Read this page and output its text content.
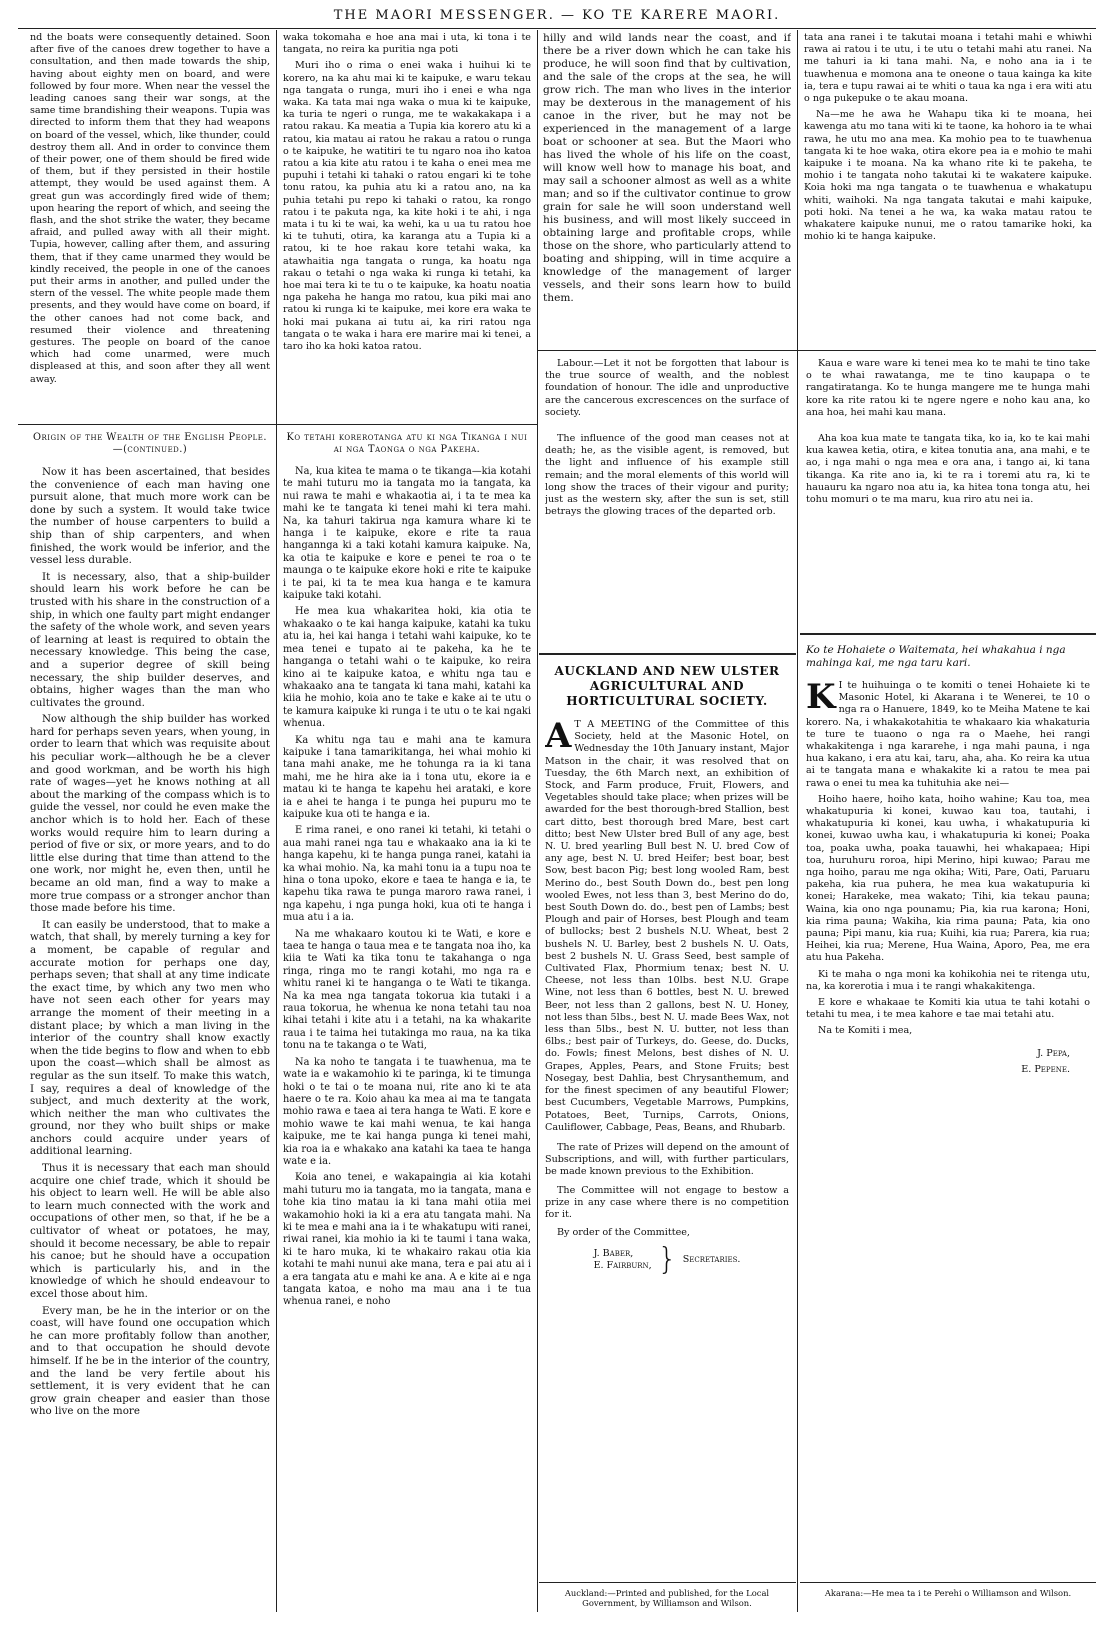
THE MAORI MESSENGER. — KO TE KARERE MAORI.

nd the boats were consequently detained. Soon after five of the canoes drew together to have a consultation, and then made towards the ship, having about eighty men on board, and were followed by four more. When near the vessel the leading canoes sang their war songs, at the same time brandishing their weapons. Tupia was directed to inform them that they had weapons on board of the vessel, which, like thunder, could destroy them all. And in order to convince them of their power, one of them should be fired wide of them, but if they persisted in their hostile attempt, they would be used against them. A great gun was accordingly fired wide of them; upon hearing the report of which, and seeing the flash, and the shot strike the water, they became afraid, and pulled away with all their might. Tupia, however, calling after them, and assuring them, that if they came unarmed they would be kindly received, the people in one of the canoes put their arms in another, and pulled under the stern of the vessel. The white people made them presents, and they would have come on board, if the other canoes had not come back, and resumed their violence and threatening gestures. The people on board of the canoe which had come unarmed, were much displeased at this, and soon after they all went away.

waka tokomaha e hoe ana mai i uta, ki tona i te tangata, no reira ka puritia nga poti

Muri iho o rima o enei waka i huihui ki te korero, na ka ahu mai ki te kaipuke, e waru tekau nga tangata o runga, muri iho i enei e wha nga waka. Ka tata mai nga waka o mua ki te kaipuke, ka turia te ngeri o runga, me te wakakakapa i a ratou rakau. Ka meatia a Tupia kia korero atu ki a ratou, kia matau ai ratou he rakau a ratou o runga o te kaipuke, he watitiri te tu ngaro noa iho katoa ratou a kia kite atu ratou i te kaha o enei mea me pupuhi i tetahi ki tahaki o ratou engari ki te tohe tonu ratou, ka puhia atu ki a ratou ano, na ka puhia tetahi pu repo ki tahaki o ratou, ka rongo ratou i te pakuta nga, ka kite hoki i te ahi, i nga mata i tu ki te wai, ka wehi, ka u ua tu ratou hoe ki te tuhuti, otira, ka karanga atu a Tupia ki a ratou, ki te hoe rakau kore tetahi waka, ka atawhaitia nga tangata o runga, ka hoatu nga rakau o tetahi o nga waka ki runga ki tetahi, ka hoe mai tera ki te tu o te kaipuke, ka hoatu noatia nga pakeha he hanga mo ratou, kua piki mai ano ratou ki runga ki te kaipuke, mei kore era waka te hoki mai pukana ai tutu ai, ka riri ratou nga tangata o te waka i hara ere marire mai ki tenei, a taro iho ka hoki katoa ratou.

hilly and wild lands near the coast, and if there be a river down which he can take his produce, he will soon find that by cultivation, and the sale of the crops at the sea, he will grow rich. The man who lives in the interior may be dexterous in the management of his canoe in the river, but he may not be experienced in the management of a large boat or schooner at sea. But the Maori who has lived the whole of his life on the coast, will know well how to manage his boat, and may sail a schooner almost as well as a white man; and so if the cultivator continue to grow grain for sale he will soon understand well his business, and will most likely succeed in obtaining large and profitable crops, while those on the shore, who particularly attend to boating and shipping, will in time acquire a knowledge of the management of larger vessels, and their sons learn how to build them.

tata ana ranei i te takutai moana i tetahi mahi e whiwhi rawa ai ratou i te utu, i te utu o tetahi mahi atu ranei. Na me tahuri ia ki tana mahi. Na, e noho ana ia i te tuawhenua e momona ana te oneone o taua kainga ka kite ia, tera e tupu rawai ai te whiti o taua ka nga i era witi atu o nga pukepuke o te akau moana.

Na—me he awa he Wahapu tika ki te moana, hei kawenga atu mo tana witi ki te taone, ka hohoro ia te whai rawa, he utu mo ana mea. Ka mohio pea to te tuawhenua tangata ki te hoe waka, otira ekore pea ia e mohio te mahi kaipuke i te moana. Na ka whano rite ki te pakeha, te mohio i te tangata noho takutai ki te wakatere kaipuke. Koia hoki ma nga tangata o te tuawhenua e whakatupu whiti, waihoki. Na nga tangata takutai e mahi kaipuke, poti hoki. Na tenei a he wa, ka waka matau ratou te whakatere kaipuke nunui, me o ratou tamarike hoki, ka mohio ki te hanga kaipuke.

Origin of the Wealth of the English People.—(continued.)

Now it has been ascertained, that besides the convenience of each man having one pursuit alone, that much more work can be done by such a system. It would take twice the number of house carpenters to build a ship than of ship carpenters, and when finished, the work would be inferior, and the vessel less durable.

It is necessary, also, that a ship-builder should learn his work before he can be trusted with his share in the construction of a ship, in which one faulty part might endanger the safety of the whole work, and seven years of learning at least is required to obtain the necessary knowledge. This being the case, and a superior degree of skill being necessary, the ship builder deserves, and obtains, higher wages than the man who cultivates the ground.

Now although the ship builder has worked hard for perhaps seven years, when young, in order to learn that which was requisite about his peculiar work—although he be a clever and good workman, and be worth his high rate of wages—yet he knows nothing at all about the marking of the compass which is to guide the vessel, nor could he even make the anchor which is to hold her. Each of these works would require him to learn during a period of five or six, or more years, and to do little else during that time than attend to the one work, nor might he, even then, until he became an old man, find a way to make a more true compass or a stronger anchor than those made before his time.

It can easily be understood, that to make a watch, that shall, by merely turning a key for a moment, be capable of regular and accurate motion for perhaps one day, perhaps seven; that shall at any time indicate the exact time, by which any two men who have not seen each other for years may arrange the moment of their meeting in a distant place; by which a man living in the interior of the country shall know exactly when the tide begins to flow and when to ebb upon the coast—which shall be almost as regular as the sun itself. To make this watch, I say, requires a deal of knowledge of the subject, and much dexterity at the work, which neither the man who cultivates the ground, nor they who built ships or make anchors could acquire under years of additional learning.

Thus it is necessary that each man should acquire one chief trade, which it should be his object to learn well. He will be able also to learn much connected with the work and occupations of other men, so that, if he be a cultivator of wheat or potatoes, he may, should it become necessary, be able to repair his canoe; but he should have a occupation which is particularly his, and in the knowledge of which he should endeavour to excel those about him.

Every man, be he in the interior or on the coast, will have found one occupation which he can more profitably follow than another, and to that occupation he should devote himself. If he be in the interior of the country, and the land be very fertile about his settlement, it is very evident that he can grow grain cheaper and easier than those who live on the more

Ko tetahi korerotanga atu ki nga Tikanga i nui ai nga Taonga o nga Pakeha.

Na, kua kitea te mama o te tikanga—kia kotahi te mahi tuturu mo ia tangata mo ia tangata, ka nui rawa te mahi e whakaotia ai, i ta te mea ka mahi ke te tangata ki tenei mahi ki tera mahi. Na, ka tahuri takirua nga kamura whare ki te hanga i te kaipuke, ekore e rite ta raua hangannga ki a taki kotahi kamura kaipuke. Na, ka otia te kaipuke e kore e penei te roa o te maunga o te kaipuke ekore hoki e rite te kaipuke i te pai, ki ta te mea kua hanga e te kamura kaipuke taki kotahi.

He mea kua whakaritea hoki, kia otia te whakaako o te kai hanga kaipuke, katahi ka tuku atu ia, hei kai hanga i tetahi wahi kaipuke, ko te mea tenei e tupato ai te pakeha, ka he te hanganga o tetahi wahi o te kaipuke, ko reira kino ai te kaipuke katoa, e whitu nga tau e whakaako ana te tangata ki tana mahi, katahi ka kiia he mohio, koia ano te take e kake ai te utu o te kamura kaipuke ki runga i te utu o te kai ngaki whenua.

Ka whitu nga tau e mahi ana te kamura kaipuke i tana tamarikitanga, hei whai mohio ki tana mahi anake, me he tohunga ra ia ki tana mahi, me he hira ake ia i tona utu, ekore ia e matau ki te hanga te kapehu hei arataki, e kore ia e ahei te hanga i te punga hei pupuru mo te kaipuke kua oti te hanga e ia.

E rima ranei, e ono ranei ki tetahi, ki tetahi o aua mahi ranei nga tau e whakaako ana ia ki te hanga kapehu, ki te hanga punga ranei, katahi ia ka whai mohio. Na, ka mahi tonu ia a tupu noa te hina o tona upoko, ekore e taea te hanga e ia, te kapehu tika rawa te punga maroro rawa ranei, i nga kapehu, i nga punga hoki, kua oti te hanga i mua atu i a ia.

Na me whakaaro koutou ki te Wati, e kore e taea te hanga o taua mea e te tangata noa iho, ka kiia te Wati ka tika tonu te takahanga o nga ringa, ringa mo te rangi kotahi, mo nga ra e whitu ranei ki te hanganga o te Wati te tikanga. Na ka mea nga tangata tokorua kia tutaki i a raua tokorua, he whenua ke nona tetahi tau noa kihai tetahi i kite atu i a tetahi, na ka whakarite raua i te taima hei tutakinga mo raua, na ka tika tonu na te takanga o te Wati,

Na ka noho te tangata i te tuawhenua, ma te wate ia e wakamohio ki te paringa, ki te timunga hoki o te tai o te moana nui, rite ano ki te ata haere o te ra. Koio ahau ka mea ai ma te tangata mohio rawa e taea ai tera hanga te Wati. E kore e mohio wawe te kai mahi wenua, te kai hanga kaipuke, me te kai hanga punga ki tenei mahi, kia roa ia e whakako ana katahi ka taea te hanga wate e ia.

Koia ano tenei, e wakapaingia ai kia kotahi mahi tuturu mo ia tangata, mo ia tangata, mana e tohe kia tino matau ia ki tana mahi otiia mei wakamohio hoki ia ki a era atu tangata mahi. Na ki te mea e mahi ana ia i te whakatupu witi ranei, riwai ranei, kia mohio ia ki te taumi i tana waka, ki te haro muka, ki te whakairo rakau otia kia kotahi te mahi nunui ake mana, tera e pai atu ai i a era tangata atu e mahi ke ana. A e kite ai e nga tangata katoa, e noho ma mau ana i te tua whenua ranei, e noho

Labour.—Let it not be forgotten that labour is the true source of wealth, and the noblest foundation of honour. The idle and unproductive are the cancerous excrescences on the surface of society.

The influence of the good man ceases not at death; he, as the visible agent, is removed, but the light and influence of his example still remain; and the moral elements of this world will long show the traces of their vigour and purity; just as the western sky, after the sun is set, still betrays the glowing traces of the departed orb.

AUCKLAND AND NEW ULSTER AGRICULTURAL AND HORTICULTURAL SOCIETY.

A T A MEETING of the Committee of this Society, held at the Masonic Hotel, on Wednesday the 10th January instant, Major Matson in the chair, it was resolved that on Tuesday, the 6th March next, an exhibition of Stock, and Farm produce, Fruit, Flowers, and Vegetables should take place; when prizes will be awarded for the best thorough-bred Stallion, best cart ditto, best thorough bred Mare, best cart ditto; best New Ulster bred Bull of any age, best N. U. bred yearling Bull best N. U. bred Cow of any age, best N. U. bred Heifer; best boar, best Sow, best bacon Pig; best long wooled Ram, best Merino do., best South Down do., best pen long wooled Ewes, not less than 3, best Merino do do, best South Down do. do., best pen of Lambs; best Plough and pair of Horses, best Plough and team of bullocks; best 2 bushels N.U. Wheat, best 2 bushels N. U. Barley, best 2 bushels N. U. Oats, best 2 bushels N. U. Grass Seed, best sample of Cultivated Flax, Phormium tenax; best N. U. Cheese, not less than 10lbs. best N.U. Grape Wine, not less than 6 bottles, best N. U. brewed Beer, not less than 2 gallons, best N. U. Honey, not less than 5lbs., best N. U. made Bees Wax, not less than 5lbs., best N. U. butter, not less than 6lbs.; best pair of Turkeys, do. Geese, do. Ducks, do. Fowls; finest Melons, best dishes of N. U. Grapes, Apples, Pears, and Stone Fruits; best Nosegay, best Dahlia, best Chrysanthemum, and for the finest specimen of any beautiful Flower; best Cucumbers, Vegetable Marrows, Pumpkins, Potatoes, Beet, Turnips, Carrots, Onions, Cauliflower, Cabbage, Peas, Beans, and Rhubarb.

The rate of Prizes will depend on the amount of Subscriptions, and will, with further particulars, be made known previous to the Exhibition.

The Committee will not engage to bestow a prize in any case where there is no competition for it.

By order of the Committee,

J. Baber,
E. Fairburn, } Secretaries.
Auckland:—Printed and published, for the Local Government, by Williamson and Wilson.

Kaua e ware ware ki tenei mea ko te mahi te tino take o te whai rawatanga, me te tino kaupapa o te rangatiratanga. Ko te hunga mangere me te hunga mahi kore ka rite ratou ki te ngere ngere e noho kau ana, ko ana hoa, hei mahi kau mana.

Aha koa kua mate te tangata tika, ko ia, ko te kai mahi kua kawea ketia, otira, e kitea tonutia ana, ana mahi, e te ao, i nga mahi o nga mea e ora ana, i tango ai, ki tana tikanga. Ka rite ano ia, ki te ra i toremi atu ra, ki te hauauru ka ngaro noa atu ia, ka hitea tona tonga atu, hei tohu momuri o te ma maru, kua riro atu nei ia.

Ko te Hohaiete o Waitemata, hei whakahua i nga mahinga kai, me nga taru kari.

K I te huihuinga o te komiti o tenei Hohaiete ki te Masonic Hotel, ki Akarana i te Wenerei, te 10 o nga ra o Hanuere, 1849, ko te Meiha Matene te kai korero. Na, i whakakotahitia te whakaaro kia whakaturia te ture te tuaono o nga ra o Maehe, hei rangi whakakitenga i nga kararehe, i nga mahi pauna, i nga hua kakano, i era atu kai, taru, aha, aha. Ko reira ka utua ai te tangata mana e whakakite ki a ratou te mea pai rawa o enei tu mea ka tuhituhia ake nei—

Hoiho haere, hoiho kata, hoiho wahine; Kau toa, mea whakatupuria ki konei, kuwao kau toa, tautahi, i whakatupuria ki konei, kau uwha, i whakatupuria ki konei, kuwao uwha kau, i whakatupuria ki konei; Poaka toa, poaka uwha, poaka tauawhi, hei whakapaea; Hipi toa, huruhuru roroa, hipi Merino, hipi kuwao; Parau me nga hoiho, parau me nga okiha; Witi, Pare, Oati, Paruaru pakeha, kia rua puhera, he mea kua wakatupuria ki konei; Harakeke, mea wakato; Tihi, kia tekau pauna; Waina, kia ono nga pounamu; Pia, kia rua karona; Honi, kia rima pauna; Wakiha, kia rima pauna; Pata, kia ono pauna; Pipi manu, kia rua; Kuihi, kia rua; Parera, kia rua; Heihei, kia rua; Merene, Hua Waina, Aporo, Pea, me era atu hua Pakeha.

Ki te maha o nga moni ka kohikohia nei te ritenga utu, na, ka korerotia i mua i te rangi whakakitenga.

E kore e whakaae te Komiti kia utua te tahi kotahi o tetahi tu mea, i te mea kahore e tae mai tetahi atu.

Na te Komiti i mea,

J. Pepa,

E. Pepene.

Akarana:—He mea ta i te Perehi o Williamson and Wilson.
